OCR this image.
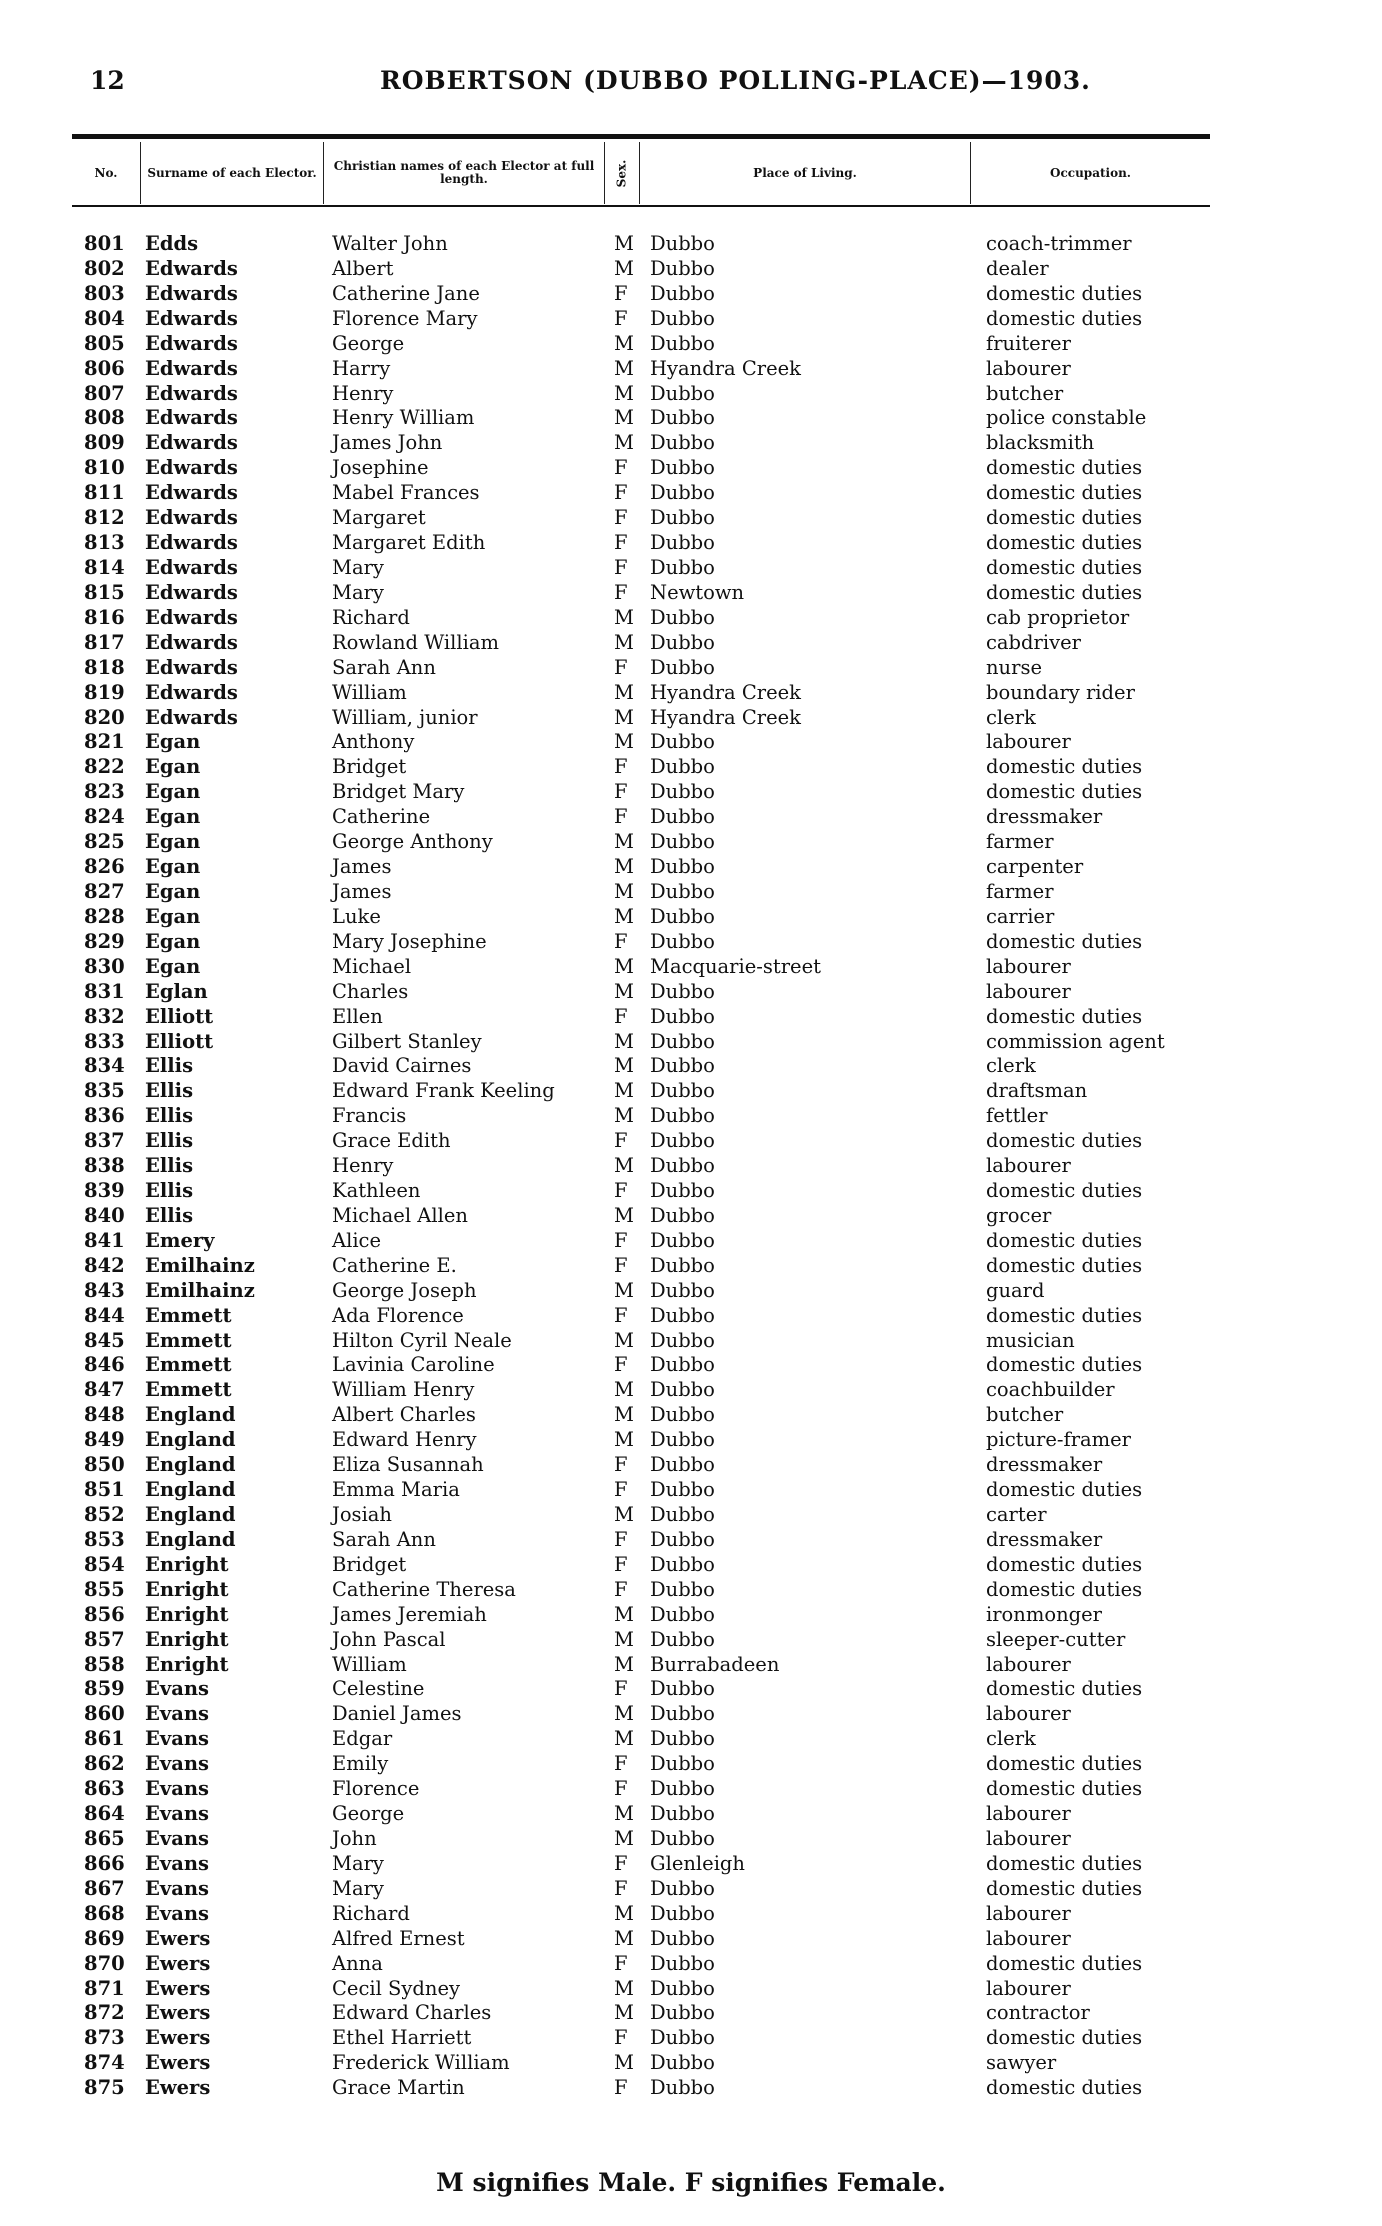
12	ROBERTSON (DUBBO POLLING-PLACE)—1903.
No.	Surname of each Elector.	Christian names of each Elector at full length.	Sex.	Place of Living.	Occupation.
801 Edds	Walter John	M Dubbo	coach-trimmer
802 Edwards	Albert	M Dubbo	dealer
803 Edwards	Catherine Jane	F Dubbo	domestic duties
804 Edwards	Florence Mary	F Dubbo	domestic duties
805 Edwards	George	M Dubbo	fruiterer
806 Edwards	Harry	M Hyandra Creek	labourer
807 Edwards	Henry	M Dubbo	butcher
808 Edwards	Henry William	M Dubbo	police constable
809 Edwards	James John	M Dubbo	blacksmith
810 Edwards	Josephine	F Dubbo	domestic duties
811 Edwards	Mabel Frances	F Dubbo	domestic duties
812 Edwards	Margaret	F Dubbo	domestic duties
813 Edwards	Margaret Edith	F Dubbo	domestic duties
814 Edwards	Mary	F Dubbo	domestic duties
815 Edwards	Mary	F Newtown	domestic duties
816 Edwards	Richard	M Dubbo	cab proprietor
817 Edwards	Rowland William	M Dubbo	cabdriver
818 Edwards	Sarah Ann	F Dubbo	nurse
819 Edwards	William	M Hyandra Creek	boundary rider
820 Edwards	William, junior	M Hyandra Creek	clerk
821 Egan	Anthony	M Dubbo	labourer
822 Egan	Bridget	F Dubbo	domestic duties
823 Egan	Bridget Mary	F Dubbo	domestic duties
824 Egan	Catherine	F Dubbo	dressmaker
825 Egan	George Anthony	M Dubbo	farmer
826 Egan	James	M Dubbo	carpenter
827 Egan	James	M Dubbo	farmer
828 Egan	Luke	M Dubbo	carrier
829 Egan	Mary Josephine	F Dubbo	domestic duties
830 Egan	Michael	M Macquarie-street	labourer
831 Eglan	Charles	M Dubbo	labourer
832 Elliott	Ellen	F Dubbo	domestic duties
833 Elliott	Gilbert Stanley	M Dubbo	commission agent
834 Ellis	David Cairnes	M Dubbo	clerk
835 Ellis	Edward Frank Keeling	M Dubbo	draftsman
836 Ellis	Francis	M Dubbo	fettler
837 Ellis	Grace Edith	F Dubbo	domestic duties
838 Ellis	Henry	M Dubbo	labourer
839 Ellis	Kathleen	F Dubbo	domestic duties
840 Ellis	Michael Allen	M Dubbo	grocer
841 Emery	Alice	F Dubbo	domestic duties
842 Emilhainz	Catherine E.	F Dubbo	domestic duties
843 Emilhainz	George Joseph	M Dubbo	guard
844 Emmett	Ada Florence	F Dubbo	domestic duties
845 Emmett	Hilton Cyril Neale	M Dubbo	musician
846 Emmett	Lavinia Caroline	F Dubbo	domestic duties
847 Emmett	William Henry	M Dubbo	coachbuilder
848 England	Albert Charles	M Dubbo	butcher
849 England	Edward Henry	M Dubbo	picture-framer
850 England	Eliza Susannah	F Dubbo	dressmaker
851 England	Emma Maria	F Dubbo	domestic duties
852 England	Josiah	M Dubbo	carter
853 England	Sarah Ann	F Dubbo	dressmaker
854 Enright	Bridget	F Dubbo	domestic duties
855 Enright	Catherine Theresa	F Dubbo	domestic duties
856 Enright	James Jeremiah	M Dubbo	ironmonger
857 Enright	John Pascal	M Dubbo	sleeper-cutter
858 Enright	William	M Burrabadeen	labourer
859 Evans	Celestine	F Dubbo	domestic duties
860 Evans	Daniel James	M Dubbo	labourer
861 Evans	Edgar	M Dubbo	clerk
862 Evans	Emily	F Dubbo	domestic duties
863 Evans	Florence	F Dubbo	domestic duties
864 Evans	George	M Dubbo	labourer
865 Evans	John	M Dubbo	labourer
866 Evans	Mary	F Glenleigh	domestic duties
867 Evans	Mary	F Dubbo	domestic duties
868 Evans	Richard	M Dubbo	labourer
869 Ewers	Alfred Ernest	M Dubbo	labourer
870 Ewers	Anna	F Dubbo	domestic duties
871 Ewers	Cecil Sydney	M Dubbo	labourer
872 Ewers	Edward Charles	M Dubbo	contractor
873 Ewers	Ethel Harriett	F Dubbo	domestic duties
874 Ewers	Frederick William	M Dubbo	sawyer
875 Ewers	Grace Martin	F Dubbo	domestic duties
M signifies Male. F signifies Female.
